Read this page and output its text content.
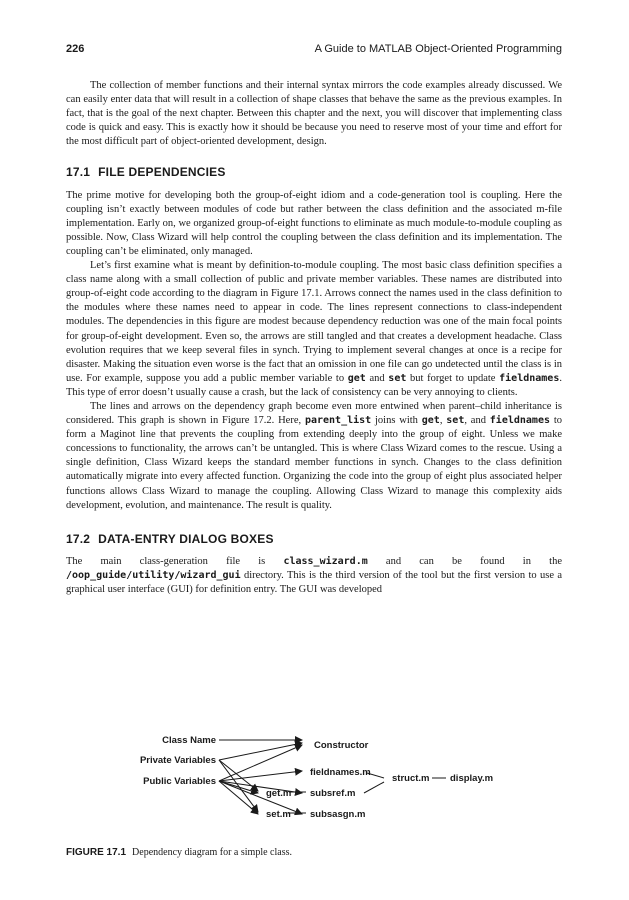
226	A Guide to MATLAB Object-Oriented Programming

The collection of member functions and their internal syntax mirrors the code examples already discussed. We can easily enter data that will result in a collection of shape classes that behave the same as the previous examples. In fact, that is the goal of the next chapter. Between this chapter and the next, you will discover that implementing class code is quick and easy. This is exactly how it should be because you need to reserve most of your time and effort for the most difficult part of object-oriented development, design.

17.1 FILE DEPENDENCIES

The prime motive for developing both the group-of-eight idiom and a code-generation tool is coupling. Here the coupling isn’t exactly between modules of code but rather between the class definition and the associated m-file implementation. Early on, we organized group-of-eight functions to eliminate as much module-to-module coupling as possible. Now, Class Wizard will help control the coupling between the class definition and its implementation. The coupling can’t be eliminated, only managed.

Let’s first examine what is meant by definition-to-module coupling. The most basic class definition specifies a class name along with a small collection of public and private member variables. These names are distributed into group-of-eight code according to the diagram in Figure 17.1. Arrows connect the names used in the class definition to the modules where these names need to appear in code. The lines represent connections to class-independent modules. The dependencies in this figure are modest because dependency reduction was one of the main focal points for group-of-eight development. Even so, the arrows are still tangled and that creates a development headache. Class evolution requires that we keep several files in synch. Trying to implement several changes at once is a recipe for disaster. Making the situation even worse is the fact that an omission in one file can go undetected until the class is in use. For example, suppose you add a public member variable to get and set but forget to update fieldnames. This type of error doesn’t usually cause a crash, but the lack of consistency can be very annoying to clients.

The lines and arrows on the dependency graph become even more entwined when parent–child inheritance is considered. This graph is shown in Figure 17.2. Here, parent_list joins with get, set, and fieldnames to form a Maginot line that prevents the coupling from extending deeply into the group of eight. Unless we make concessions to functionality, the arrows can’t be untangled. This is where Class Wizard comes to the rescue. Using a single definition, Class Wizard keeps the standard member functions in synch. Changes to the class definition automatically migrate into every affected function. Organizing the code into the group of eight plus associated helper functions allows Class Wizard to manage the coupling. Allowing Class Wizard to manage this complexity aids development, evolution, and maintenance. The result is quality.

17.2 DATA-ENTRY DIALOG BOXES

The main class-generation file is class_wizard.m and can be found in the /oop_guide/utility/wizard_gui directory. This is the third version of the tool but the first version to use a graphical user interface (GUI) for definition entry. The GUI was developed

Class Name
Private Variables
Public Variables
Constructor
fieldnames.m
get.m subsref.m
set.m subsasgn.m
struct.m display.m
FIGURE 17.1 Dependency diagram for a simple class.
